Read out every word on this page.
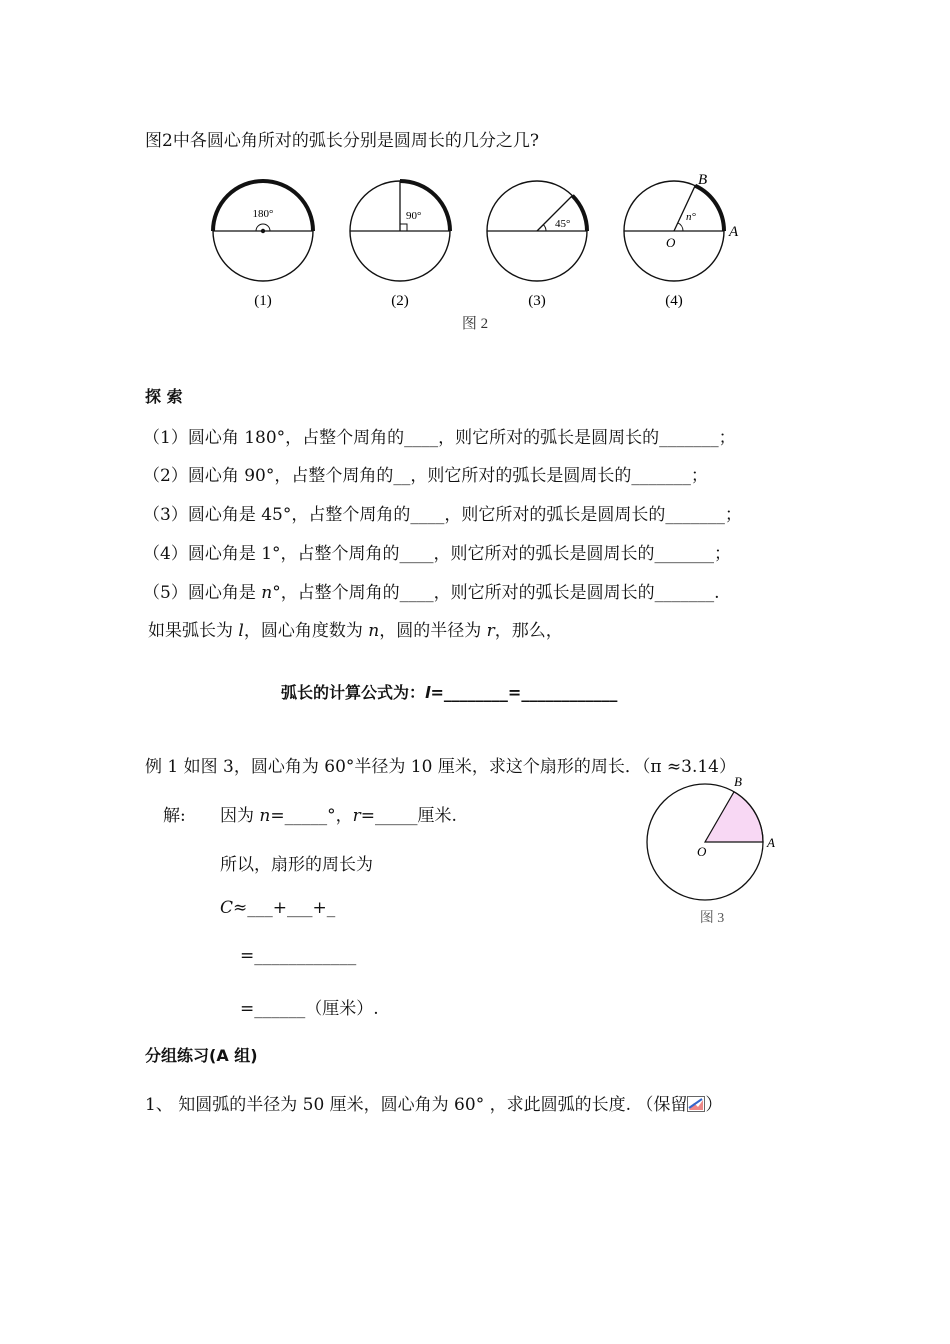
图2中各圆心角所对的弧长分别是圆周长的几分之几?
180°
(1)
90°
(2)
45°
(3)
n°
B
A
O
(4)
图 2
探 索
（1）圆心角 180°，占整个周角的____，则它所对的弧长是圆周长的_______；
（2）圆心角 90°，占整个周角的__，则它所对的弧长是圆周长的_______；
（3）圆心角是 45°，占整个周角的____，则它所对的弧长是圆周长的_______；
（4）圆心角是 1°，占整个周角的____，则它所对的弧长是圆周长的_______；
（5）圆心角是 n°，占整个周角的____，则它所对的弧长是圆周长的_______.
如果弧长为 l，圆心角度数为 n，圆的半径为 r，那么，
弧长的计算公式为：l=________=____________
例 1 如图 3，圆心角为 60°半径为 10 厘米，求这个扇形的周长．（π ≈3.14）
解: 因为 n=_____°，r=_____厘米.
所以，扇形的周长为
C≈___+___+_
=____________
=______（厘米）.
B
A
O
图 3
分组练习(A 组)
1、 知圆弧的半径为 50 厘米，圆心角为 60° ，求此圆弧的长度. （保留 ）
